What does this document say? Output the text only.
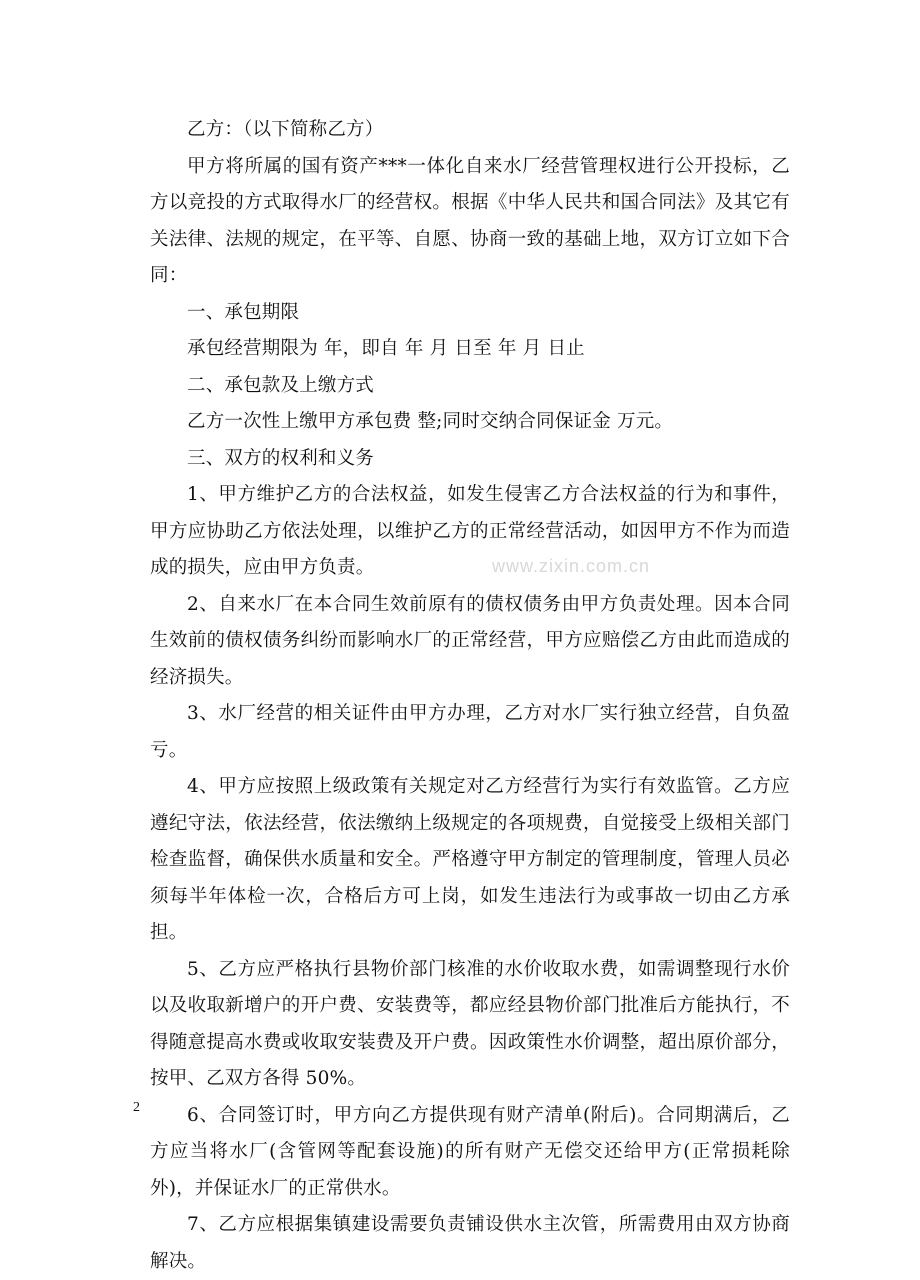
乙方：（以下简称乙方）

甲方将所属的国有资产***一体化自来水厂经营管理权进行公开投标，乙方以竞投的方式取得水厂的经营权。根据《中华人民共和国合同法》及其它有关法律、法规的规定，在平等、自愿、协商一致的基础上地，双方订立如下合同：

一、承包期限

承包经营期限为 年，即自 年 月 日至 年 月 日止

二、承包款及上缴方式

乙方一次性上缴甲方承包费 整;同时交纳合同保证金 万元。

三、双方的权利和义务

1、甲方维护乙方的合法权益，如发生侵害乙方合法权益的行为和事件，甲方应协助乙方依法处理，以维护乙方的正常经营活动，如因甲方不作为而造成的损失，应由甲方负责。

2、自来水厂在本合同生效前原有的债权债务由甲方负责处理。因本合同生效前的债权债务纠纷而影响水厂的正常经营，甲方应赔偿乙方由此而造成的经济损失。

3、水厂经营的相关证件由甲方办理，乙方对水厂实行独立经营，自负盈亏。

4、甲方应按照上级政策有关规定对乙方经营行为实行有效监管。乙方应遵纪守法，依法经营，依法缴纳上级规定的各项规费，自觉接受上级相关部门检查监督，确保供水质量和安全。严格遵守甲方制定的管理制度，管理人员必须每半年体检一次，合格后方可上岗，如发生违法行为或事故一切由乙方承担。

5、乙方应严格执行县物价部门核准的水价收取水费，如需调整现行水价以及收取新增户的开户费、安装费等，都应经县物价部门批准后方能执行，不得随意提高水费或收取安装费及开户费。因政策性水价调整，超出原价部分，按甲、乙双方各得 50%。

6、合同签订时，甲方向乙方提供现有财产清单(附后)。合同期满后，乙方应当将水厂(含管网等配套设施)的所有财产无偿交还给甲方(正常损耗除外)，并保证水厂的正常供水。

7、乙方应根据集镇建设需要负责铺设供水主次管，所需费用由双方协商解决。

www.zixin.com.cn
2
